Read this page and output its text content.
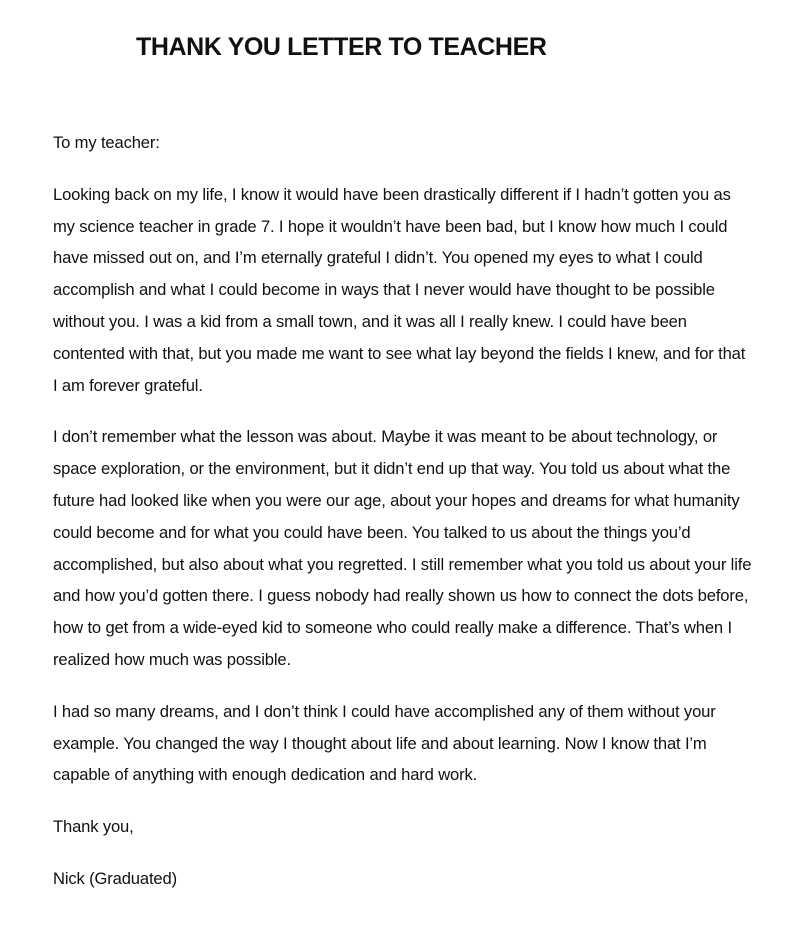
THANK YOU LETTER TO TEACHER

To my teacher:

Looking back on my life, I know it would have been drastically different if I hadn’t gotten you as my science teacher in grade 7. I hope it wouldn’t have been bad, but I know how much I could have missed out on, and I’m eternally grateful I didn’t. You opened my eyes to what I could accomplish and what I could become in ways that I never would have thought to be possible without you. I was a kid from a small town, and it was all I really knew. I could have been contented with that, but you made me want to see what lay beyond the fields I knew, and for that I am forever grateful.

I don’t remember what the lesson was about. Maybe it was meant to be about technology, or space exploration, or the environment, but it didn’t end up that way. You told us about what the future had looked like when you were our age, about your hopes and dreams for what humanity could become and for what you could have been. You talked to us about the things you’d accomplished, but also about what you regretted. I still remember what you told us about your life and how you’d gotten there. I guess nobody had really shown us how to connect the dots before, how to get from a wide-eyed kid to someone who could really make a difference. That’s when I realized how much was possible.

I had so many dreams, and I don’t think I could have accomplished any of them without your example. You changed the way I thought about life and about learning. Now I know that I’m capable of anything with enough dedication and hard work.

Thank you,

Nick (Graduated)
